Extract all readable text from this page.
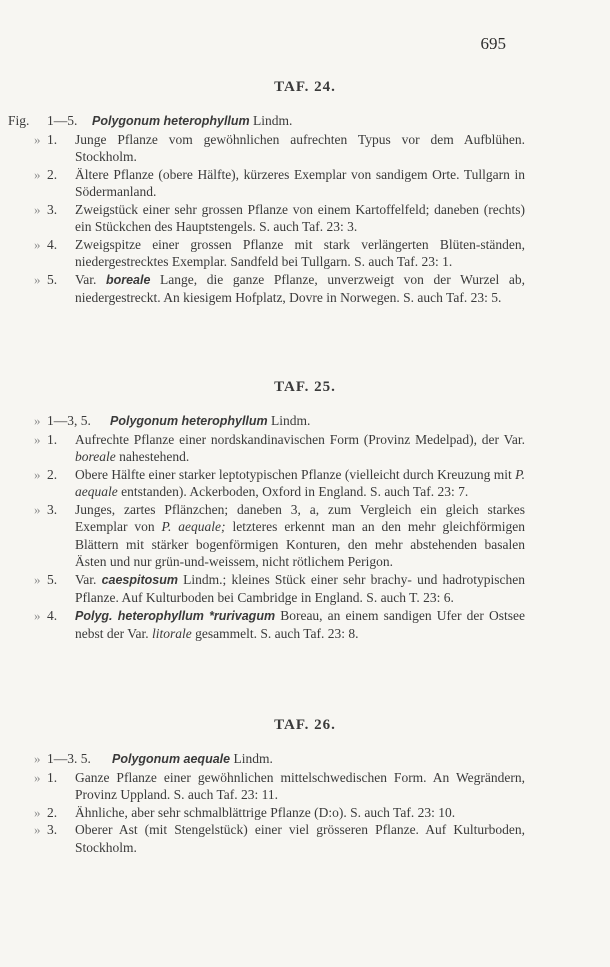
695
TAF. 24.
Fig. 1—5. Polygonum heterophyllum Lindm.
» 1. Junge Pflanze vom gewöhnlichen aufrechten Typus vor dem Aufblühen. Stockholm.
» 2. Ältere Pflanze (obere Hälfte), kürzeres Exemplar von sandigem Orte. Tullgarn in Södermanland.
» 3. Zweigstück einer sehr grossen Pflanze von einem Kartoffelfeld; daneben (rechts) ein Stückchen des Hauptstengels. S. auch Taf. 23: 3.
» 4. Zweigspitze einer grossen Pflanze mit stark verlängerten Blüten-ständen, niedergestrecktes Exemplar. Sandfeld bei Tullgarn. S. auch Taf. 23: 1.
» 5. Var. boreale Lange, die ganze Pflanze, unverzweigt von der Wurzel ab, niedergestreckt. An kiesigem Hofplatz, Dovre in Norwegen. S. auch Taf. 23: 5.
TAF. 25.
» 1—3, 5. Polygonum heterophyllum Lindm.
» 1. Aufrechte Pflanze einer nordskandinavischen Form (Provinz Medelpad), der Var. boreale nahestehend.
» 2. Obere Hälfte einer starker leptotypischen Pflanze (vielleicht durch Kreuzung mit P. aequale entstanden). Ackerboden, Oxford in England. S. auch Taf. 23: 7.
» 3. Junges, zartes Pflänzchen; daneben 3, a, zum Vergleich ein gleich starkes Exemplar von P. aequale; letzteres erkennt man an den mehr gleichförmigen Blättern mit stärker bogenförmigen Konturen, den mehr abstehenden basalen Ästen und nur grün-und-weissem, nicht rötlichem Perigon.
» 5. Var. caespitosum Lindm.; kleines Stück einer sehr brachy- und hadrotypischen Pflanze. Auf Kulturboden bei Cambridge in England. S. auch T. 23: 6.
» 4. Polyg. heterophyllum *rurivagum Boreau, an einem sandigen Ufer der Ostsee nebst der Var. litorale gesammelt. S. auch Taf. 23: 8.
TAF. 26.
» 1—3. 5. Polygonum aequale Lindm.
» 1. Ganze Pflanze einer gewöhnlichen mittelschwedischen Form. An Wegrändern, Provinz Uppland. S. auch Taf. 23: 11.
» 2. Ähnliche, aber sehr schmalblättrige Pflanze (D:o). S. auch Taf. 23: 10.
» 3. Oberer Ast (mit Stengelstück) einer viel grösseren Pflanze. Auf Kulturboden, Stockholm.
